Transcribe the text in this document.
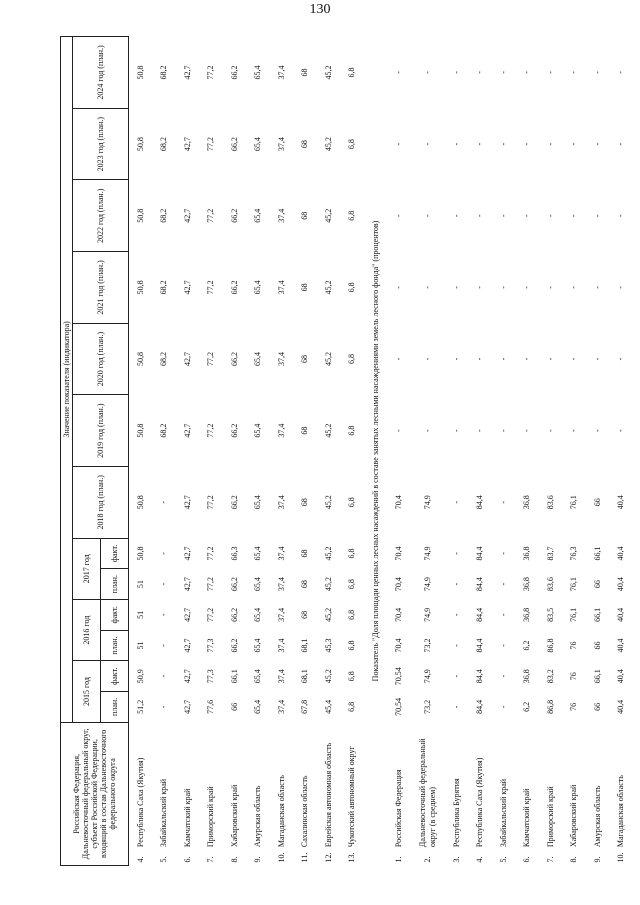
130
Российская Федерация, Дальневосточный федеральный округ, субъект Российской Федерации, входящий в состав Дальневосточного федерального округа		Значение показателя (индикатора)												
		2015 год		2016 год		2017 год		2018 год (план.)	2019 год (план.)	2020 год (план.)	2021 год (план.)	2022 год (план.)	2023 год (план.)	2024 год (план.)
		план.	факт.	план.	факт.	план.	факт.							
4.	Республика Саха (Якутия)	51,2	50,9	51	51	51	50,8	50,8	50,8	50,8	50,8	50,8	50,8	50,8
5.	Забайкальский край	-	-	-	-	-	-	-	68,2	68,2	68,2	68,2	68,2	68,2
6.	Камчатский край	42,7	42,7	42,7	42,7	42,7	42,7	42,7	42,7	42,7	42,7	42,7	42,7	42,7
7.	Приморский край	77,6	77,3	77,3	77,2	77,2	77,2	77,2	77,2	77,2	77,2	77,2	77,2	77,2
8.	Хабаровский край	66	66,1	66,2	66,2	66,2	66,3	66,2	66,2	66,2	66,2	66,2	66,2	66,2
9.	Амурская область	65,4	65,4	65,4	65,4	65,4	65,4	65,4	65,4	65,4	65,4	65,4	65,4	65,4
10.	Магаданская область	37,4	37,4	37,4	37,4	37,4	37,4	37,4	37,4	37,4	37,4	37,4	37,4	37,4
11.	Сахалинская область	67,8	68,1	68,1	68	68	68	68	68	68	68	68	68	68
12.	Еврейская автономная область	45,4	45,2	45,3	45,2	45,2	45,2	45,2	45,2	45,2	45,2	45,2	45,2	45,2
13.	Чукотский автономный округ	6,8	6,8	6,8	6,8	6,8	6,8	6,8	6,8	6,8	6,8	6,8	6,8	6,8
Показатель "Доля площади ценных лесных насаждений в составе занятых лесными насаждениями земель лесного фонда" (процентов)														
1.	Российская Федерация	70,54	70,54	70,4	70,4	70,4	70,4	70,4	-	-	-	-	-	-
2.	Дальневосточный федеральный округ (в среднем)	73,2	74,9	73,2	74,9	74,9	74,9	74,9	-	-	-	-	-	-
3.	Республика Бурятия	-	-	-	-	-	-	-	-	-	-	-	-	-
4.	Республика Саха (Якутия)	84,4	84,4	84,4	84,4	84,4	84,4	84,4	-	-	-	-	-	-
5.	Забайкальский край	-	-	-	-	-	-	-	-	-	-	-	-	-
6.	Камчатский край	6,2	36,8	6,2	36,8	36,8	36,8	36,8	-	-	-	-	-	-
7.	Приморский край	86,8	83,2	86,8	83,5	83,6	83,7	83,6	-	-	-	-	-	-
8.	Хабаровский край	76	76	76	76,1	76,1	76,3	76,1	-	-	-	-	-	-
9.	Амурская область	66	66,1	66	66,1	66	66,1	66	-	-	-	-	-	-
10.	Магаданская область	40,4	40,4	40,4	40,4	40,4	40,4	40,4	-	-	-	-	-	-
